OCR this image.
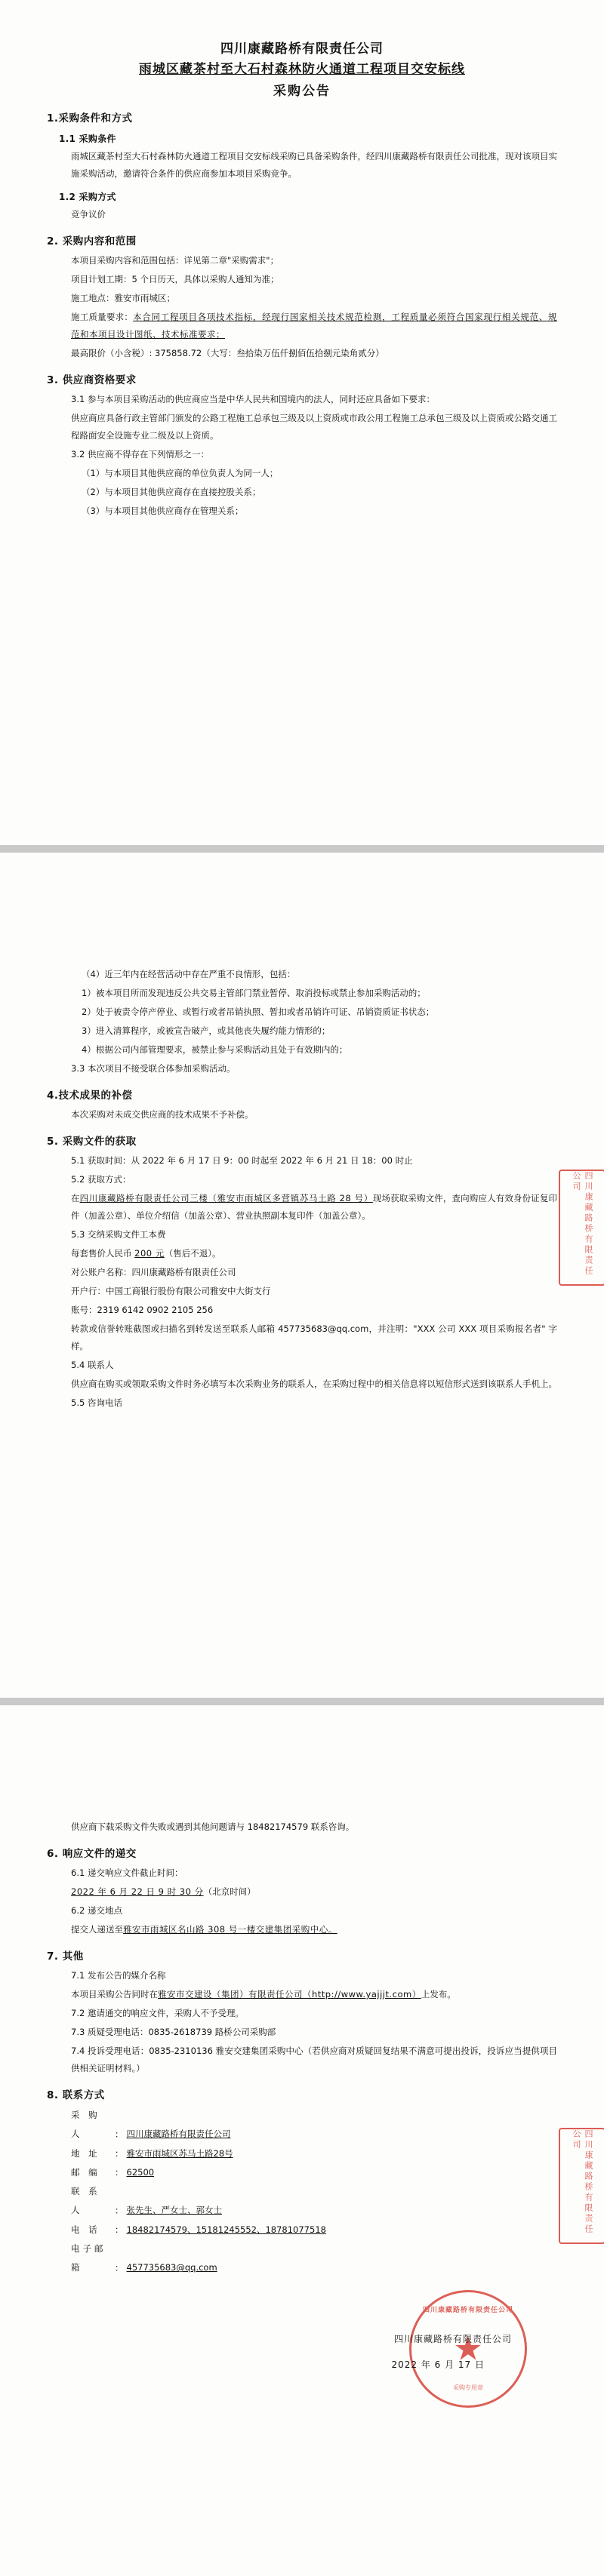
四川康藏路桥有限责任公司
雨城区藏茶村至大石村森林防火通道工程项目交安标线
采购公告
1.采购条件和方式
1.1 采购条件
雨城区藏茶村至大石村森林防火通道工程项目交安标线采购已具备采购条件，经四川康藏路桥有限责任公司批准，现对该项目实施采购活动，邀请符合条件的供应商参加本项目采购竞争。
1.2 采购方式
竞争议价
2. 采购内容和范围
本项目采购内容和范围包括：详见第二章"采购需求"；
项目计划工期：5 个日历天，具体以采购人通知为准；
施工地点：雅安市雨城区；
施工质量要求：本合同工程项目各项技术指标，经现行国家相关技术规范检测，工程质量必须符合国家现行相关规范、规范和本项目设计图纸、技术标准要求；
最高限价（小含税）: 375858.72（大写：叁拾染万伍仟捌佰伍拾捌元染角贰分）
3. 供应商资格要求
3.1 参与本项目采购活动的供应商应当是中华人民共和国境内的法人，同时还应具备如下要求：
供应商应具备行政主管部门颁发的公路工程施工总承包三级及以上资质或市政公用工程施工总承包三级及以上资质或公路交通工程路面安全设施专业二级及以上资质。
3.2 供应商不得存在下列情形之一：
（1）与本项目其他供应商的单位负责人为同一人；
（2）与本项目其他供应商存在直接控股关系；
（3）与本项目其他供应商存在管理关系；
四川康藏路桥有限责任公司
（4）近三年内在经营活动中存在严重不良情形，包括：
1）被本项目所而发现违反公共交易主管部门禁业暂停、取消投标或禁止参加采购活动的；
2）处于被责令停产停业、或暂行或者吊销执照、暂扣或者吊销许可证、吊销资质证书状态；
3）进入清算程序，或被宣告破产，或其他丧失履约能力情形的；
4）根据公司内部管理要求，被禁止参与采购活动且处于有效期内的；
3.3 本次项目不接受联合体参加采购活动。
4.技术成果的补偿
本次采购对未成交供应商的技术成果不予补偿。
5. 采购文件的获取
5.1 获取时间：从 2022 年 6 月 17 日 9：00 时起至 2022 年 6 月 21 日 18：00 时止
5.2 获取方式：
在四川康藏路桥有限责任公司三楼（雅安市雨城区多营镇苏马土路 28 号）现场获取采购文件，查向购应人有效身份证复印件（加盖公章）、单位介绍信（加盖公章）、营业执照副本复印件（加盖公章）。
5.3 交纳采购文件工本费
每套售价人民币 200 元（售后不退）。
对公账户名称：四川康藏路桥有限责任公司
开户行：中国工商银行股份有限公司雅安中大街支行
账号：2319 6142 0902 2105 256
转款或信誉转账截图或扫描名到转发送至联系人邮箱 457735683@qq.com，并注明："XXX 公司 XXX 项目采购报名者" 字样。
5.4 联系人
供应商在购买或领取采购文件时务必填写本次采购业务的联系人，在采购过程中的相关信息将以短信形式送到该联系人手机上。
5.5 咨询电话
四川康藏路桥有限责任公司
供应商下载采购文件失败或遇到其他问题请与 18482174579 联系咨询。
6. 响应文件的递交
6.1 递交响应文件截止时间：
2022 年 6 月 22 日 9 时 30 分（北京时间）
6.2 递交地点
提交人递送至雅安市雨城区名山路 308 号一楼交建集团采购中心。
7. 其他
7.1 发布公告的媒介名称
本项目采购公告同时在雅安市交建设（集团）有限责任公司（http://www.yajjjt.com）上发布。
7.2 邀请通交的响应文件，采购人不予受理。
7.3 质疑受理电话：0835-2618739 路桥公司采购部
7.4 投诉受理电话：0835-2310136 雅安交建集团采购中心（若供应商对质疑回复结果不满意可提出投诉，投诉应当提供项目供相关证明材料。）
8. 联系方式
采 购 人	： 四川康藏路桥有限责任公司
地 址 ： 雅安市雨城区苏马土路28号
邮 编 ： 62500
联 系 人	： 张先生、严女士、郭女士
电 话 ： 18482174579、15181245552、18781077518
电子邮箱	： 457735683@qq.com
四川康藏路桥有限责任公司
★
采购专用章
四川康藏路桥有限责任公司
2022 年 6 月 17 日
